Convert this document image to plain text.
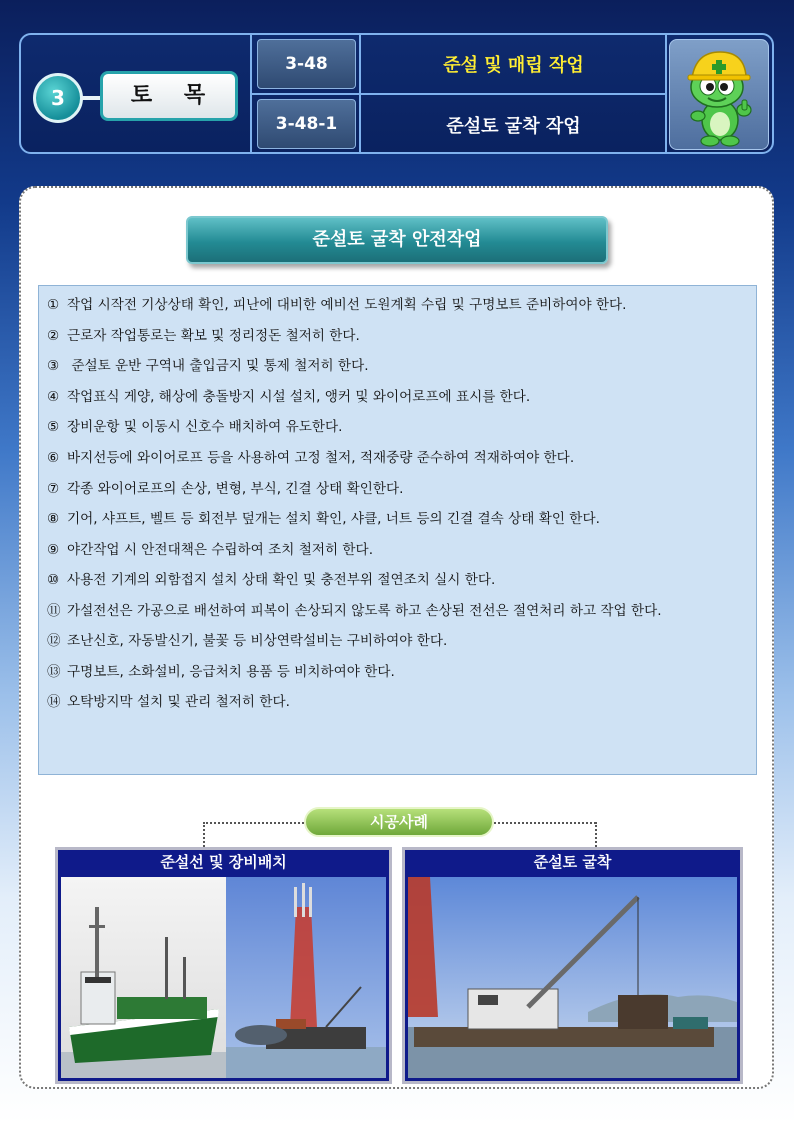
3	토 목
3-48
3-48-1
준설 및 매립 작업
준설토 굴착 작업
준설토 굴착 안전작업
① 작업 시작전 기상상태 확인, 피난에 대비한 예비선 도원계획 수립 및 구명보트 준비하여야 한다.
② 근로자 작업통로는 확보 및 정리정돈 철저히 한다.
③ 준설토 운반 구역내 출입금지 및 통제 철저히 한다.
④ 작업표식 게양, 해상에 충돌방지 시설 설치, 앵커 및 와이어로프에 표시를 한다.
⑤ 장비운항 및 이동시 신호수 배치하여 유도한다.
⑥ 바지선등에 와이어로프 등을 사용하여 고정 철저, 적재중량 준수하여 적재하여야 한다.
⑦ 각종 와이어로프의 손상, 변형, 부식, 긴결 상태 확인한다.
⑧ 기어, 샤프트, 벨트 등 회전부 덮개는 설치 확인, 샤클, 너트 등의 긴결 결속 상태 확인 한다.
⑨ 야간작업 시 안전대책은 수립하여 조치 철저히 한다.
⑩ 사용전 기계의 외함접지 설치 상태 확인 및 충전부위 절연조치 실시 한다.
⑪ 가설전선은 가공으로 배선하여 피복이 손상되지 않도록 하고 손상된 전선은 절연처리 하고 작업 한다.
⑫ 조난신호, 자동발신기, 불꽃 등 비상연락설비는 구비하여야 한다.
⑬ 구명보트, 소화설비, 응급처치 용품 등 비치하여야 한다.
⑭ 오탁방지막 설치 및 관리 철저히 한다.
시공사례
준설선 및 장비배치	준설토 굴착
